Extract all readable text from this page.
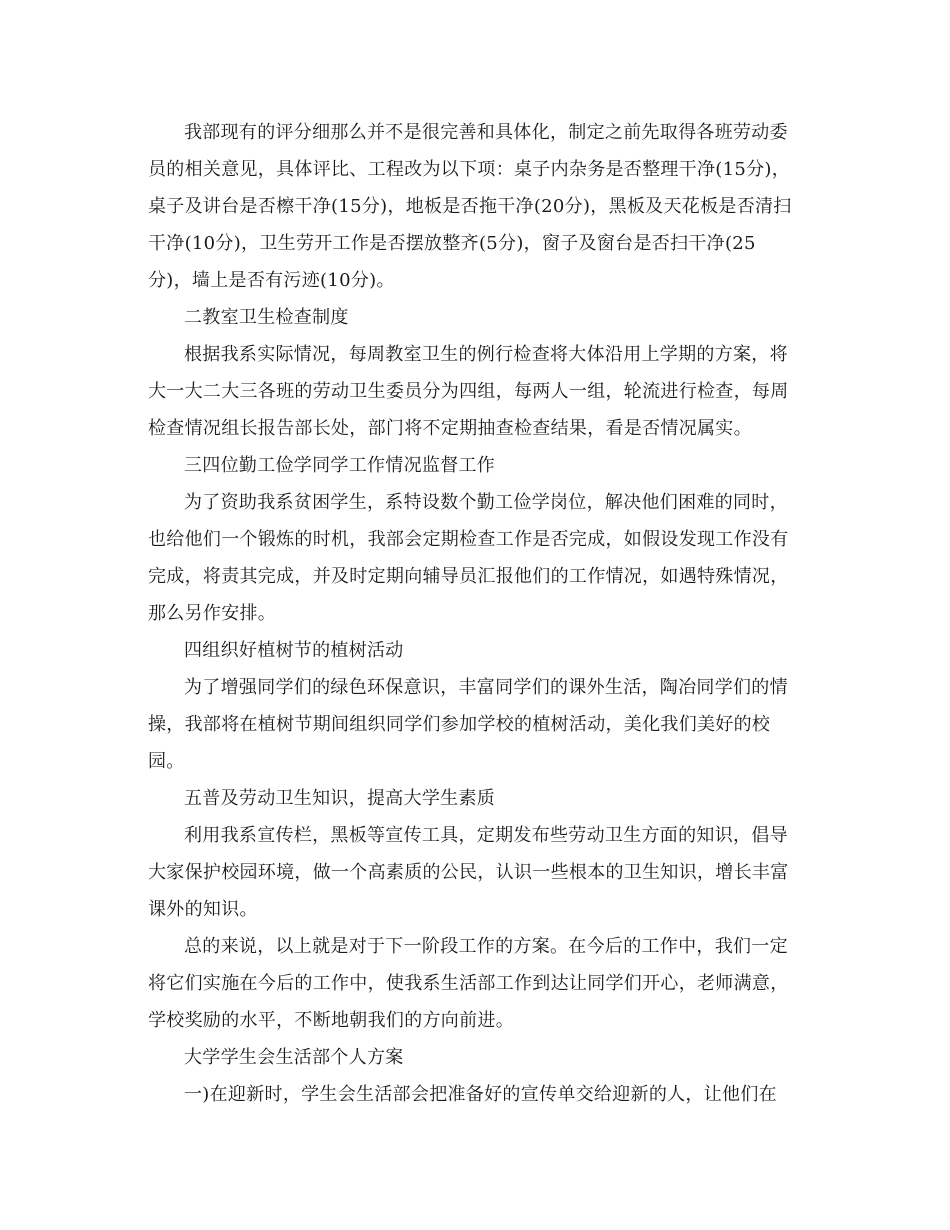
我部现有的评分细那么并不是很完善和具体化，制定之前先取得各班劳动委
员的相关意见，具体评比、工程改为以下项：桌子内杂务是否整理干净(15分)，
桌子及讲台是否檫干净(15分)，地板是否拖干净(20分)，黑板及天花板是否清扫
干净(10分)，卫生劳开工作是否摆放整齐(5分)，窗子及窗台是否扫干净(25
分)，墙上是否有污迹(10分)。

二教室卫生检查制度

根据我系实际情况，每周教室卫生的例行检查将大体沿用上学期的方案，将
大一大二大三各班的劳动卫生委员分为四组，每两人一组，轮流进行检查，每周
检查情况组长报告部长处，部门将不定期抽查检查结果，看是否情况属实。

三四位勤工俭学同学工作情况监督工作

为了资助我系贫困学生，系特设数个勤工俭学岗位，解决他们困难的同时，
也给他们一个锻炼的时机，我部会定期检查工作是否完成，如假设发现工作没有
完成，将责其完成，并及时定期向辅导员汇报他们的工作情况，如遇特殊情况，
那么另作安排。

四组织好植树节的植树活动

为了增强同学们的绿色环保意识，丰富同学们的课外生活，陶冶同学们的情
操，我部将在植树节期间组织同学们参加学校的植树活动，美化我们美好的校
园。

五普及劳动卫生知识，提高大学生素质

利用我系宣传栏，黑板等宣传工具，定期发布些劳动卫生方面的知识，倡导
大家保护校园环境，做一个高素质的公民，认识一些根本的卫生知识，增长丰富
课外的知识。

总的来说，以上就是对于下一阶段工作的方案。在今后的工作中，我们一定
将它们实施在今后的工作中，使我系生活部工作到达让同学们开心，老师满意，
学校奖励的水平，不断地朝我们的方向前进。

大学学生会生活部个人方案

一)在迎新时，学生会生活部会把准备好的宣传单交给迎新的人，让他们在
